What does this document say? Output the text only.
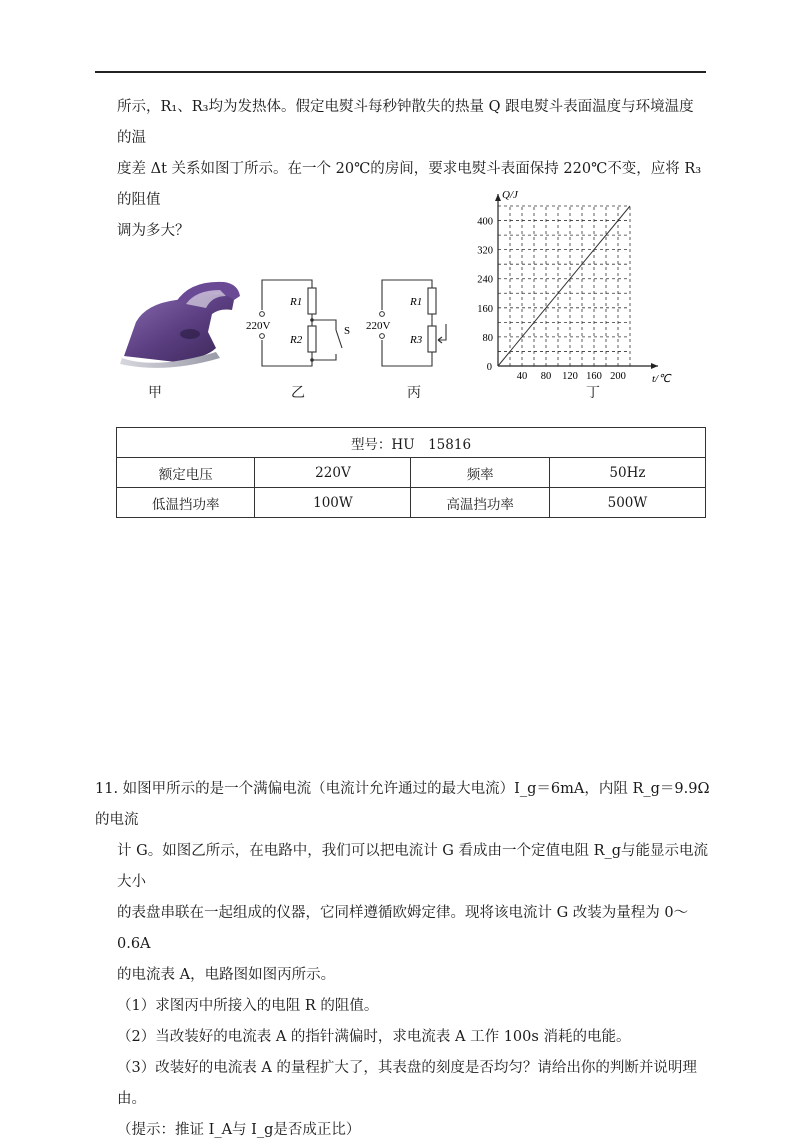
所示，R₁、R₃均为发热体。假定电熨斗每秒钟散失的热量 Q 跟电熨斗表面温度与环境温度的温
度差 Δt 关系如图丁所示。在一个 20℃的房间，要求电熨斗表面保持 220℃不变，应将 R₃的阻值
调为多大？

甲
220V
R1
R2
S
乙
220V
R1
R3
丙
40 80 120 160 200
80
160
240
320
400
0
Q/J
t/℃
丁
型号：HU　15816			
额定电压	220V	频率	50Hz
低温挡功率	100W	高温挡功率	500W
11. 如图甲所示的是一个满偏电流（电流计允许通过的最大电流）I_g＝6mA，内阻 R_g＝9.9Ω 的电流
计 G。如图乙所示，在电路中，我们可以把电流计 G 看成由一个定值电阻 R_g与能显示电流大小
的表盘串联在一起组成的仪器，它同样遵循欧姆定律。现将该电流计 G 改装为量程为 0～0.6A
的电流表 A，电路图如图丙所示。
（1）求图丙中所接入的电阻 R 的阻值。
（2）当改装好的电流表 A 的指针满偏时，求电流表 A 工作 100s 消耗的电能。
（3）改装好的电流表 A 的量程扩大了，其表盘的刻度是否均匀？请给出你的判断并说明理由。
（提示：推证 I_A与 I_g是否成正比）
